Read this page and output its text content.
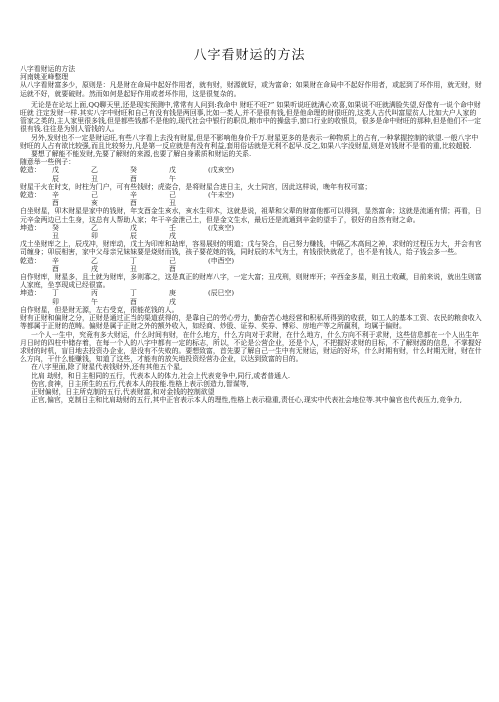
八字看财运的方法

八字看财运的方法

河南姚亚峰整理

从八字看财富多少，原则是：凡是财在命局中起好作用者，就有财，财源就好，或为富命；如果财在命局中不起好作用者，或起到了坏作用，就无财，财运就不好，就要破财。然而如何是起好作用或者坏作用，这是很复杂的。

无论是在论坛上面,QQ聊天里,还是现实预测中,常常有人问到:我命中 财旺不旺?” 如果听说旺就满心欢喜,如果说不旺就满脸失望,好像有一说个命中财旺就 注定发财一样.其实八字中财旺和自己有没有钱是两回事,比如一类人,并不是很有钱,但是他命理的财很旺的,这类人古代叫富屋贫人.比如大户人家的管家之类的,主人家里很多钱,但是都些钱都不是他的,现代社会中银行的职员,粮市中的操盘手,窗口行业的收银员，很多是命中财旺的那种,但是他们不一定很有钱.往往是为别人管钱的人。

另外,发财也不一定是财运旺,有些八字看上去没有财星,但是不影响他身价千万.财星更多的是表示一种物质上的占有,一种掌握控制的欲望.一般八字中财旺的人占有欲比较强,而且比较努力,凡是第一反应就是有没有利益,套用俗话就是无利不起早.反之,如果八字没财星,则是对钱财不是看的重,比较超脱.

要想了解能不能发财,先要了解财的来源,也要了解自身素质和财运的关系.

随意举一些例子：

乾造：	戊	乙	癸	戊	(戊亥空)
辰	丑	酉	午

财星干火在时支，时柱为门户，可有些钱财；虎姿合，是将财星合进日主，火土同宫，因此这样说，晚年有权可富；

乾造：	辛	己	辛	己	(午未空)
酉	亥	酉	丑

白坐财星，卯木财星是家中的钱财，年支酉金生亥水，亥水生卯木，这就是说，祖辈和父辈的财富他都可以得到，显然富命；这就是流通有情；再看，日元辛金两边已土生身，这总有人帮助人家；年干辛金泄己土，但是金文生水，最后还是流通到辛金的望手了，很好的自然有财之命。

坤造：	癸	乙	戊	壬	(戊亥空)
丑	卯	辰	戌

戊土坐财库之上，辰戌冲，财库动，戊土为印库和劫库，容易展财的明道；戊与癸合，自己努力赚钱，中隔乙木高间之神，求财的过程压力大，并会有官司缠身；卯辰相害，家中父母亲兄妹妹要是烧财而钱，孩子要花她的钱，同时辰的木气为土，有钱很快就花了，也不是有钱人，给子钱会多一些。

乾造：	辛	乙	丁	己	(申酉空)
酉	戌	丑	酉

自作财库，财星多，且土就为财库，多则寡之，这是真正的财库八字，一定大富；丑戌刑，则财库开；辛西金多星，则丑土收藏，目前来说，就出生则富人家庭，坐享现成已经很富。

坤造：	丁	丙	丁	庚	(辰巳空)
卯	午	酉	戌

自作财星，但是财无源，左右受克，很能花钱的人。

财有正财和偏财之分，正财是通过正当的渠道获得的，是靠自己的劳心劳力，勤奋苦心地经营和积私所得到的收获，如工人的基本工资、农民的粮食收入等都属于正财的范畴。偏财是属于正财之外的额外收入，如经商、炒股、证券、奖券、博彩、房地产等之所赢利，均属于偏财。

一个人一生中，究竟有多大财运，什么时间有财，在什么地方，什么方向对于求财，在什么地方，什么方向不利于求财，这些信息都在一个人出生年月日时的四柱中储存着，在每一个人的八字中都有一定的标志，所以，不论是公营企业，还是个人，不把握好求财的目标，不了解财源的信息，不掌握好求财的时机，盲目地去投资办企业，是没有不失败的。要想致富，首先要了解自己一生中有无财运，财运的好坏，什么时期有财，什么时期无财，财在什么方向，干什么能赚钱，知道了这些，才能有的放矢地投资经营办企业，以达到致富的目的。

在八字里面,除了财星代表钱财外,还有其他五个星,

比肩 劫财，和日主相同的五行，代表本人的体力,社会上代表竞争中,同行,或者普通人.

伤官,食神，日主所生的五行,代表本人的技能.性格上表示创造力,智谋等,

正财偏财，日主所克制的五行,代表财富,和对金钱的控制欲望

正官,偏官，克制日主和比肩劫财的五行,其中正官表示本人的理性,性格上表示稳重,责任心,现实中代表社会地位等.其中偏官也代表压力,竞争力,
